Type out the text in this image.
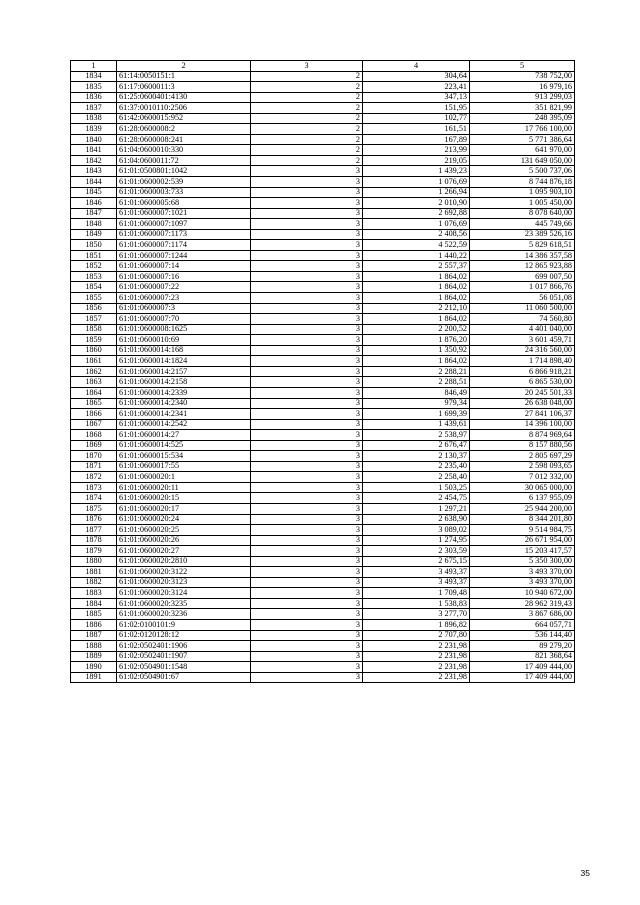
1	2	3	4	5
1834	61:14:0050151:1	2	304,64	738 752,00
1835	61:17:0600011:3	2	223,41	16 979,16
1836	61:25:0600401:4130	2	347,13	913 299,03
1837	61:37:0010110:2506	2	151,95	351 821,99
1838	61:42:0600015:952	2	102,77	248 395,09
1839	61:28:0600008:2	2	161,51	17 766 100,00
1840	61:28:0600008:241	2	167,89	5 771 386,64
1841	61:04:0600010:330	2	213,99	641 970,00
1842	61:04:0600011:72	2	219,05	131 649 050,00
1843	61:01:0500801:1042	3	1 439,23	5 500 737,06
1844	61:01:0600002:539	3	1 076,69	8 744 876,18
1845	61:01:0600003:733	3	1 266,94	1 095 903,10
1846	61:01:0600005:68	3	2 010,90	1 005 450,00
1847	61:01:0600007:1021	3	2 692,88	8 078 640,00
1848	61:01:0600007:1097	3	1 076,69	445 749,66
1849	61:01:0600007:1173	3	2 408,56	23 389 526,16
1850	61:01:0600007:1174	3	4 522,59	5 829 618,51
1851	61:01:0600007:1244	3	1 440,22	14 386 357,58
1852	61:01:0600007:14	3	2 557,37	12 865 923,88
1853	61:01:0600007:16	3	1 864,02	699 007,50
1854	61:01:0600007:22	3	1 864,02	1 017 866,76
1855	61:01:0600007:23	3	1 864,02	56 051,08
1856	61:01:0600007:3	3	2 212,10	11 060 500,00
1857	61:01:0600007:70	3	1 864,02	74 560,80
1858	61:01:0600008:1625	3	2 200,52	4 401 040,00
1859	61:01:0600010:69	3	1 876,20	3 601 459,71
1860	61:01:0600014:168	3	1 350,92	24 316 560,00
1861	61:01:0600014:1824	3	1 864,02	1 714 898,40
1862	61:01:0600014:2157	3	2 288,21	6 866 918,21
1863	61:01:0600014:2158	3	2 288,51	6 865 530,00
1864	61:01:0600014:2339	3	846,49	20 245 501,33
1865	61:01:0600014:2340	3	979,34	26 638 048,00
1866	61:01:0600014:2341	3	1 699,39	27 841 106,37
1867	61:01:0600014:2542	3	1 439,61	14 396 100,00
1868	61:01:0600014:27	3	2 538,97	8 874 969,64
1869	61:01:0600014:525	3	2 676,47	8 157 880,56
1870	61:01:0600015:534	3	2 130,37	2 805 697,29
1871	61:01:0600017:55	3	2 235,40	2 598 093,65
1872	61:01:0600020:1	3	2 258,40	7 012 332,00
1873	61:01:0600020:11	3	1 503,25	30 065 000,00
1874	61:01:0600020:15	3	2 454,75	6 137 955,09
1875	61:01:0600020:17	3	1 297,21	25 944 200,00
1876	61:01:0600020:24	3	2 638,90	8 344 201,80
1877	61:01:0600020:25	3	3 089,02	9 514 984,75
1878	61:01:0600020:26	3	1 274,95	26 671 954,00
1879	61:01:0600020:27	3	2 303,59	15 203 417,57
1880	61:01:0600020:2810	3	2 675,15	5 350 300,00
1881	61:01:0600020:3122	3	3 493,37	3 493 370,00
1882	61:01:0600020:3123	3	3 493,37	3 493 370,00
1883	61:01:0600020:3124	3	1 709,48	10 940 672,00
1884	61:01:0600020:3235	3	1 538,83	28 962 319,43
1885	61:01:0600020:3236	3	3 277,70	3 867 686,00
1886	61:02:0100101:9	3	1 896,82	664 057,71
1887	61:02:0120128:12	3	2 707,80	536 144,40
1888	61:02:0502401:1906	3	2 231,98	89 279,20
1889	61:02:0502401:1907	3	2 231,98	821 368,64
1890	61:02:0504901:1548	3	2 231,98	17 409 444,00
1891	61:02:0504901:67	3	2 231,98	17 409 444,00
35
